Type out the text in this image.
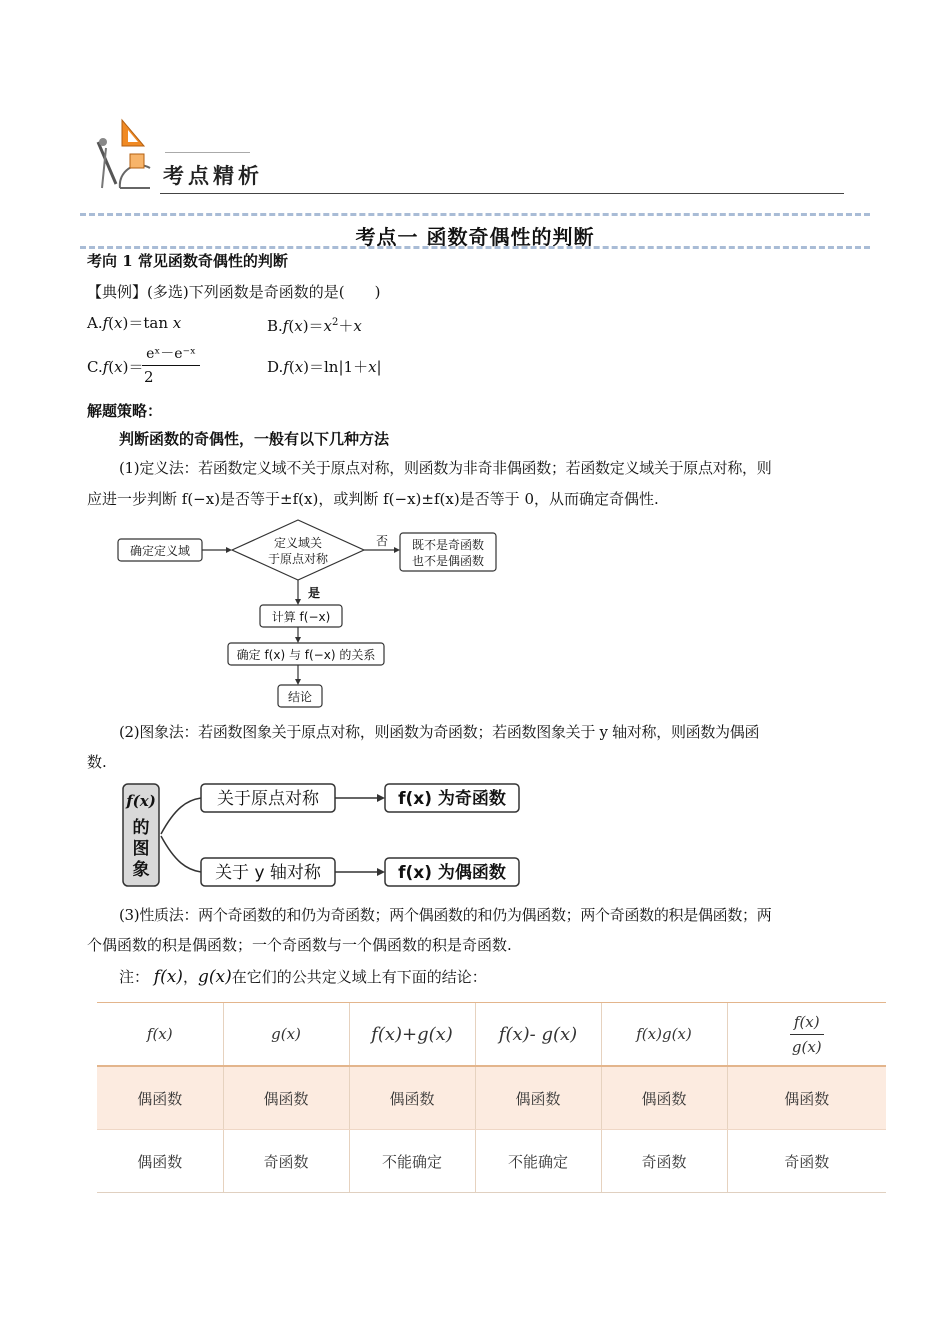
考点精析
考点一 函数奇偶性的判断
考向 1 常见函数奇偶性的判断
【典例】(多选)下列函数是奇函数的是(　　)
A.f(x)＝tan x	$B.f(x)=x^2+x$
C.f(x)＝
$\frac{\text{eˣ－e⁻ˣ}}{2}$	D.f(x)＝ln|1＋x|
解题策略：
判断函数的奇偶性，一般有以下几种方法
(1)定义法：若函数定义域不关于原点对称，则函数为非奇非偶函数；若函数定义域关于原点对称，则
应进一步判断 f(−x)是否等于±f(x)，或判断 f(−x)±f(x)是否等于 0，从而确定奇偶性.
确定定义域
定义域关
于原点对称
否 既不是奇函数
也不是偶函数
是
计算 f(−x)
确定 f(x) 与 f(−x) 的关系
结论
(2)图象法：若函数图象关于原点对称，则函数为奇函数；若函数图象关于 y 轴对称，则函数为偶函
数.
f(x)
的
图
象
关于原点对称	f(x) 为奇函数
关于 y 轴对称	f(x) 为偶函数
(3)性质法：两个奇函数的和仍为奇函数；两个偶函数的和仍为偶函数；两个奇函数的积是偶函数；两
个偶函数的积是偶函数；一个奇函数与一个偶函数的积是奇函数.
注： f(x)，g(x)在它们的公共定义域上有下面的结论：
f(x)	g(x)	f(x)+g(x)	f(x)- g(x)	f(x)g(x)	$\frac{f(x)}{g(x)}$

偶函数	偶函数	偶函数	偶函数	偶函数	偶函数
偶函数	奇函数	不能确定	不能确定	奇函数	奇函数
